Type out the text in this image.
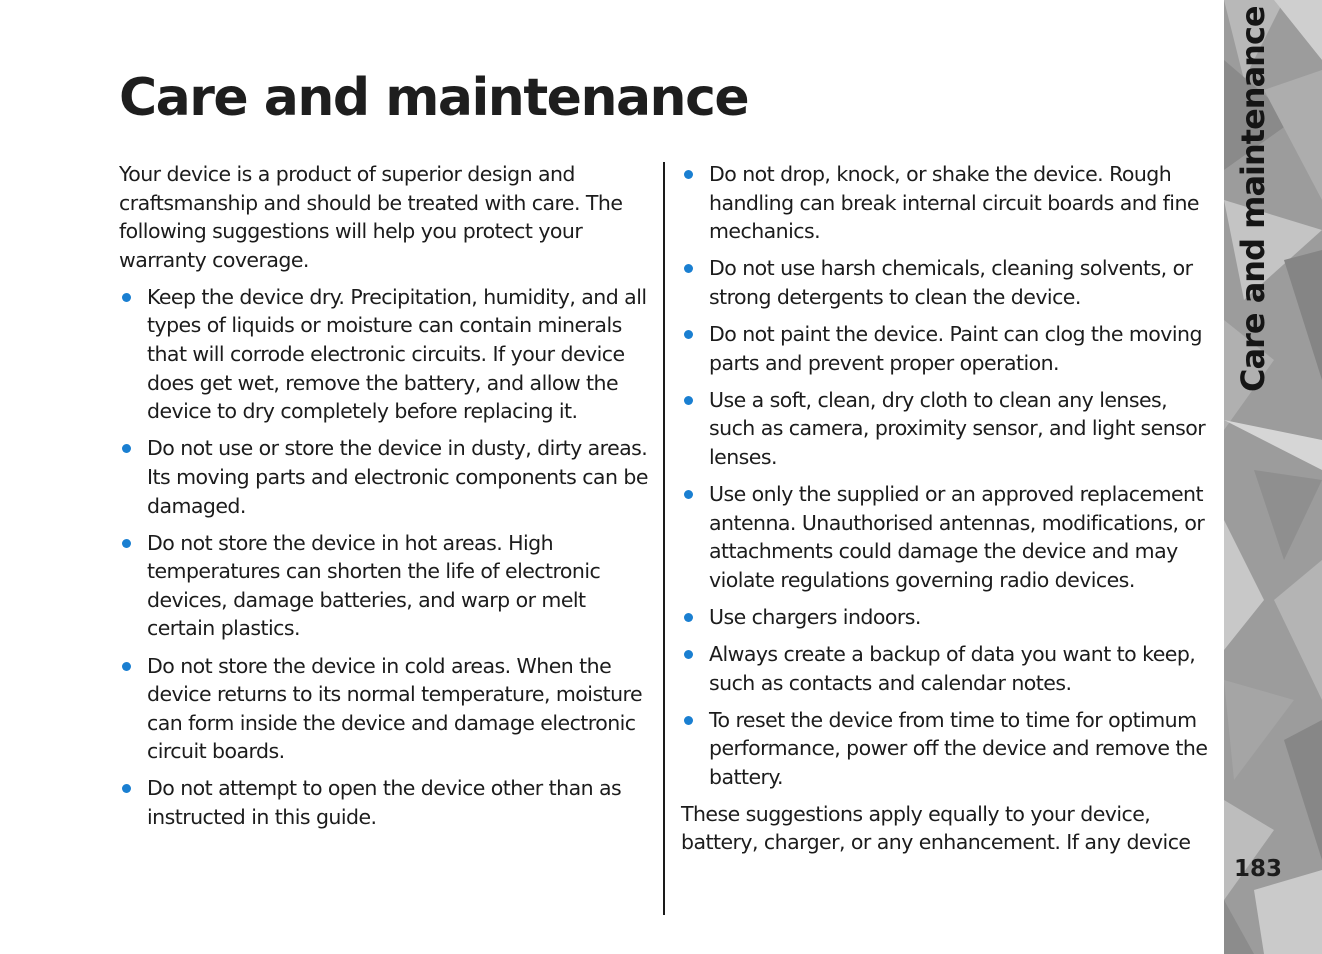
Care and maintenance

Your device is a product of superior design and craftsmanship and should be treated with care. The following suggestions will help you protect your warranty coverage.

Keep the device dry. Precipitation, humidity, and all types of liquids or moisture can contain minerals that will corrode electronic circuits. If your device does get wet, remove the battery, and allow the device to dry completely before replacing it.
Do not use or store the device in dusty, dirty areas. Its moving parts and electronic components can be damaged.
Do not store the device in hot areas. High temperatures can shorten the life of electronic devices, damage batteries, and warp or melt certain plastics.
Do not store the device in cold areas. When the device returns to its normal temperature, moisture can form inside the device and damage electronic circuit boards.
Do not attempt to open the device other than as instructed in this guide.
Do not drop, knock, or shake the device. Rough handling can break internal circuit boards and fine mechanics.
Do not use harsh chemicals, cleaning solvents, or strong detergents to clean the device.
Do not paint the device. Paint can clog the moving parts and prevent proper operation.
Use a soft, clean, dry cloth to clean any lenses, such as camera, proximity sensor, and light sensor lenses.
Use only the supplied or an approved replacement antenna. Unauthorised antennas, modifications, or attachments could damage the device and may violate regulations governing radio devices.
Use chargers indoors.
Always create a backup of data you want to keep, such as contacts and calendar notes.
To reset the device from time to time for optimum performance, power off the device and remove the battery.

These suggestions apply equally to your device, battery, charger, or any enhancement. If any device

Care and maintenance
183
